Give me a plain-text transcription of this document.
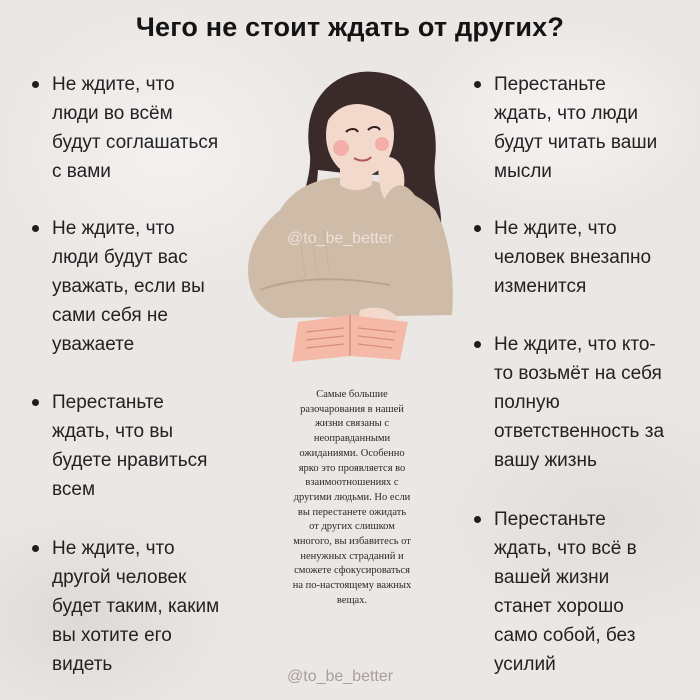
Чего не стоит ждать от других?
Не ждите, что
люди во всём
будут соглашаться
с вами
Не ждите, что
люди будут вас
уважать, если вы
сами себя не
уважаете
Перестаньте
ждать, что вы
будете нравиться
всем
Не ждите, что
другой человек
будет таким, каким
вы хотите его
видеть
Перестаньте
ждать, что люди
будут читать ваши
мысли
Не ждите, что
человек внезапно
изменится
Не ждите, что кто-
то возьмёт на себя
полную
ответственность за
вашу жизнь
Перестаньте
ждать, что всё в
вашей жизни
станет хорошо
само собой, без
усилий
@to_be_better
Самые большие
разочарования в нашей
жизни связаны с
неоправданными
ожиданиями. Особенно
ярко это проявляется во
взаимоотношениях с
другими людьми. Но если
вы перестанете ожидать
от других слишком
многого, вы избавитесь от
ненужных страданий и
сможете сфокусироваться
на по-настоящему важных
вещах.
@to_be_better
